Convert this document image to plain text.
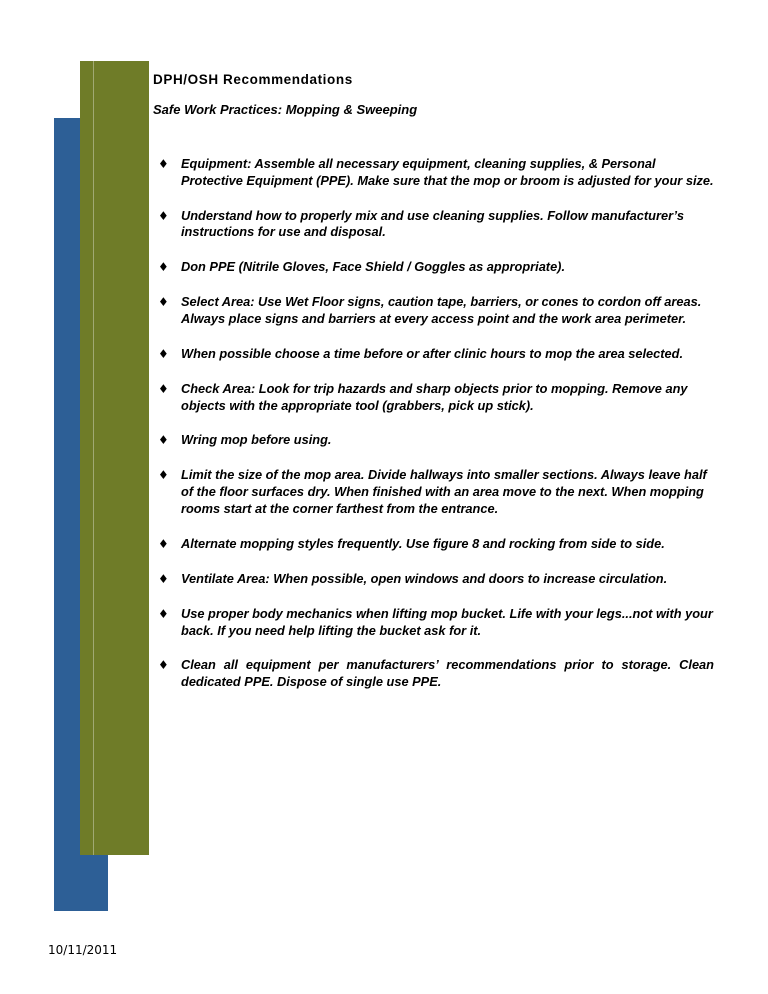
DPH/OSH Recommendations
Safe Work Practices: Mopping & Sweeping
♦ Equipment: Assemble all necessary equipment, cleaning supplies, & Personal Protective Equipment (PPE). Make sure that the mop or broom is adjusted for your size.
♦ Understand how to properly mix and use cleaning supplies. Follow manufacturer’s instructions for use and disposal.
♦ Don PPE (Nitrile Gloves, Face Shield / Goggles as appropriate).
♦ Select Area: Use Wet Floor signs, caution tape, barriers, or cones to cordon off areas. Always place signs and barriers at every access point and the work area perimeter.
♦ When possible choose a time before or after clinic hours to mop the area selected.
♦ Check Area: Look for trip hazards and sharp objects prior to mopping. Remove any objects with the appropriate tool (grabbers, pick up stick).
♦ Wring mop before using.
♦ Limit the size of the mop area. Divide hallways into smaller sections. Always leave half of the floor surfaces dry. When finished with an area move to the next. When mopping rooms start at the corner farthest from the entrance.
♦ Alternate mopping styles frequently. Use figure 8 and rocking from side to side.
♦ Ventilate Area: When possible, open windows and doors to increase circulation.
♦ Use proper body mechanics when lifting mop bucket. Life with your legs...not with your back. If you need help lifting the bucket ask for it.
♦ Clean all equipment per manufacturers’ recommendations prior to storage. Clean dedicated PPE. Dispose of single use PPE.
10/11/2011
